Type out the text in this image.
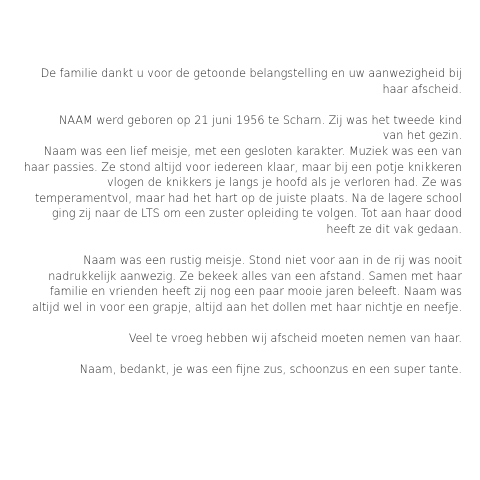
De familie dankt u voor de getoonde belangstelling en uw aanwezigheid bij

haar afscheid.

NAAM werd geboren op 21 juni 1956 te Scharn. Zij was het tweede kind

van het gezin.

Naam was een lief meisje, met een gesloten karakter. Muziek was een van

haar passies. Ze stond altijd voor iedereen klaar, maar bij een potje knikkeren

vlogen de knikkers je langs je hoofd als je verloren had. Ze was

temperamentvol, maar had het hart op de juiste plaats. Na de lagere school

ging zij naar de LTS om een zuster opleiding te volgen. Tot aan haar dood

heeft ze dit vak gedaan.

Naam was een rustig meisje. Stond niet voor aan in de rij was nooit

nadrukkelijk aanwezig. Ze bekeek alles van een afstand. Samen met haar

familie en vrienden heeft zij nog een paar mooie jaren beleeft. Naam was

altijd wel in voor een grapje, altijd aan het dollen met haar nichtje en neefje.

Veel te vroeg hebben wij afscheid moeten nemen van haar.

Naam, bedankt, je was een fijne zus, schoonzus en een super tante.
